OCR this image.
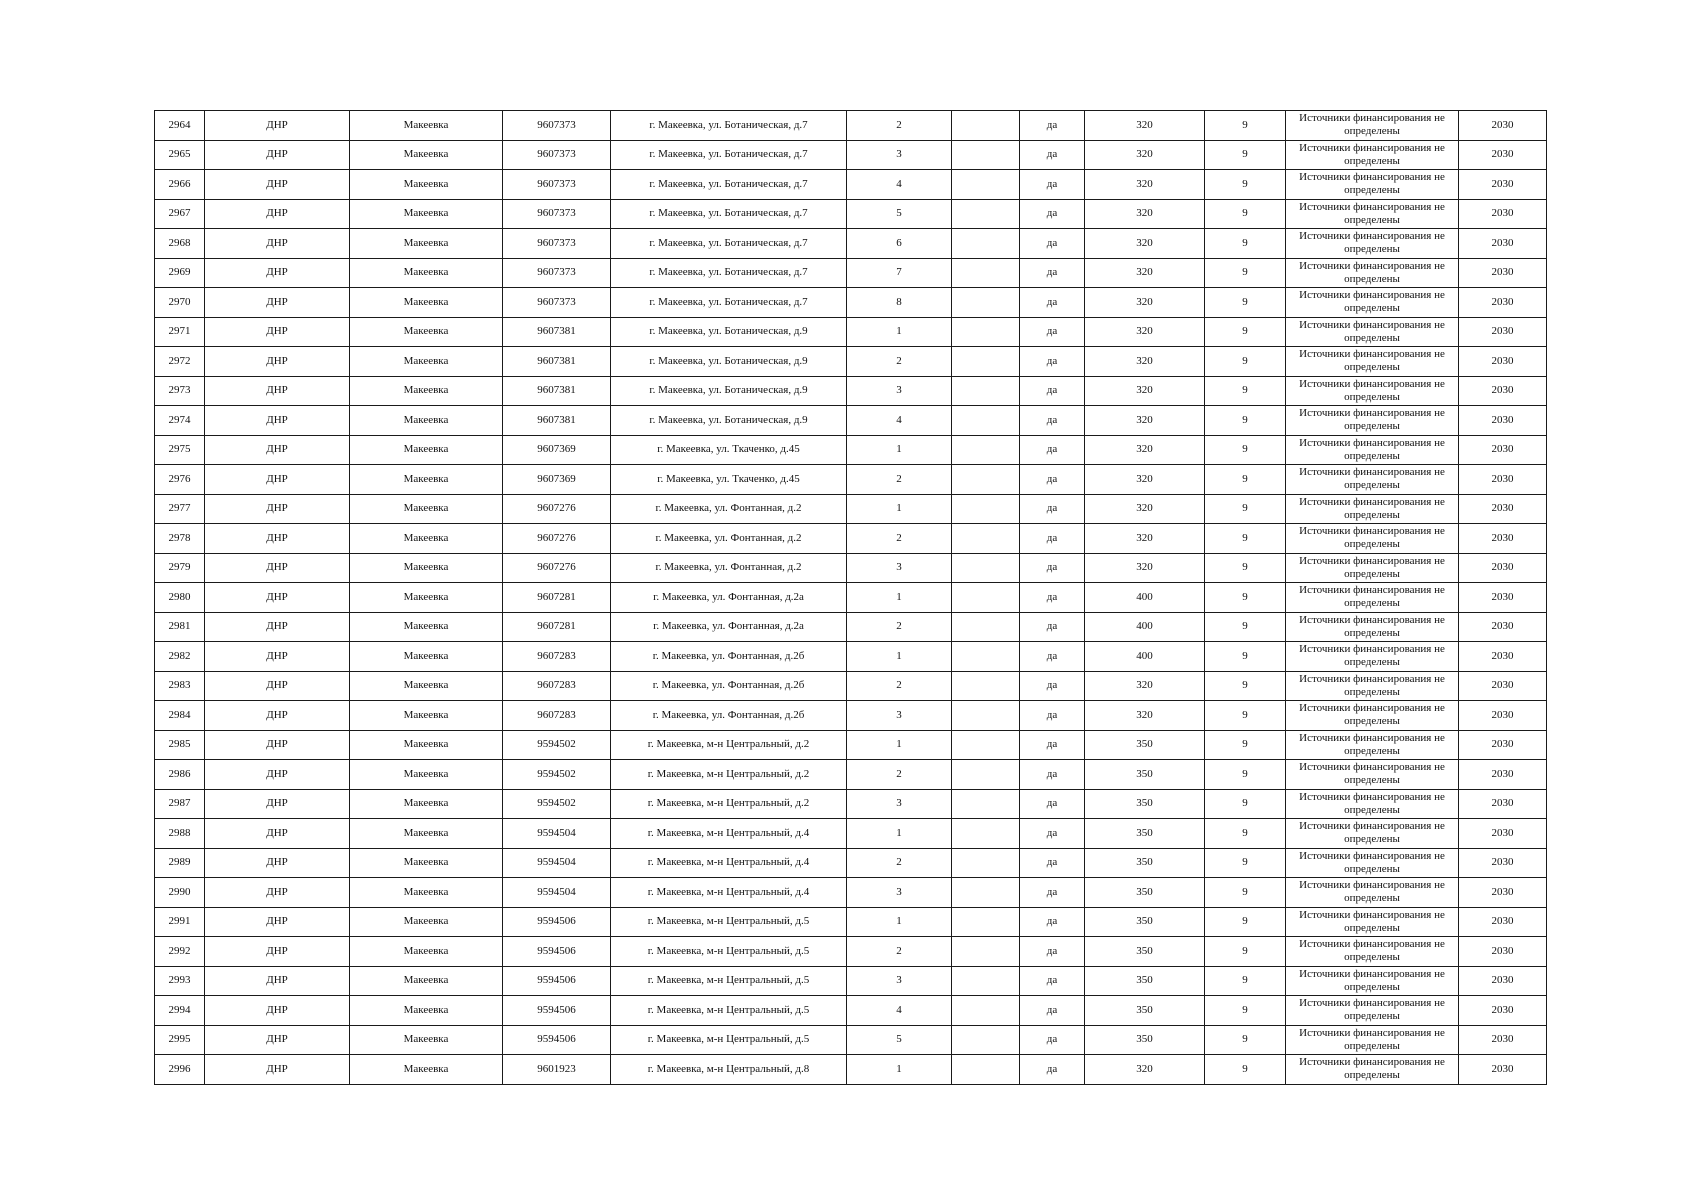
2964	ДНР	Макеевка	9607373	г. Макеевка, ул. Ботаническая, д.7	2		да	320	9	Источники финансирования не определены	2030
2965	ДНР	Макеевка	9607373	г. Макеевка, ул. Ботаническая, д.7	3		да	320	9	Источники финансирования не определены	2030
2966	ДНР	Макеевка	9607373	г. Макеевка, ул. Ботаническая, д.7	4		да	320	9	Источники финансирования не определены	2030
2967	ДНР	Макеевка	9607373	г. Макеевка, ул. Ботаническая, д.7	5		да	320	9	Источники финансирования не определены	2030
2968	ДНР	Макеевка	9607373	г. Макеевка, ул. Ботаническая, д.7	6		да	320	9	Источники финансирования не определены	2030
2969	ДНР	Макеевка	9607373	г. Макеевка, ул. Ботаническая, д.7	7		да	320	9	Источники финансирования не определены	2030
2970	ДНР	Макеевка	9607373	г. Макеевка, ул. Ботаническая, д.7	8		да	320	9	Источники финансирования не определены	2030
2971	ДНР	Макеевка	9607381	г. Макеевка, ул. Ботаническая, д.9	1		да	320	9	Источники финансирования не определены	2030
2972	ДНР	Макеевка	9607381	г. Макеевка, ул. Ботаническая, д.9	2		да	320	9	Источники финансирования не определены	2030
2973	ДНР	Макеевка	9607381	г. Макеевка, ул. Ботаническая, д.9	3		да	320	9	Источники финансирования не определены	2030
2974	ДНР	Макеевка	9607381	г. Макеевка, ул. Ботаническая, д.9	4		да	320	9	Источники финансирования не определены	2030
2975	ДНР	Макеевка	9607369	г. Макеевка, ул. Ткаченко, д.45	1		да	320	9	Источники финансирования не определены	2030
2976	ДНР	Макеевка	9607369	г. Макеевка, ул. Ткаченко, д.45	2		да	320	9	Источники финансирования не определены	2030
2977	ДНР	Макеевка	9607276	г. Макеевка, ул. Фонтанная, д.2	1		да	320	9	Источники финансирования не определены	2030
2978	ДНР	Макеевка	9607276	г. Макеевка, ул. Фонтанная, д.2	2		да	320	9	Источники финансирования не определены	2030
2979	ДНР	Макеевка	9607276	г. Макеевка, ул. Фонтанная, д.2	3		да	320	9	Источники финансирования не определены	2030
2980	ДНР	Макеевка	9607281	г. Макеевка, ул. Фонтанная, д.2а	1		да	400	9	Источники финансирования не определены	2030
2981	ДНР	Макеевка	9607281	г. Макеевка, ул. Фонтанная, д.2а	2		да	400	9	Источники финансирования не определены	2030
2982	ДНР	Макеевка	9607283	г. Макеевка, ул. Фонтанная, д.2б	1		да	400	9	Источники финансирования не определены	2030
2983	ДНР	Макеевка	9607283	г. Макеевка, ул. Фонтанная, д.2б	2		да	320	9	Источники финансирования не определены	2030
2984	ДНР	Макеевка	9607283	г. Макеевка, ул. Фонтанная, д.2б	3		да	320	9	Источники финансирования не определены	2030
2985	ДНР	Макеевка	9594502	г. Макеевка, м-н Центральный, д.2	1		да	350	9	Источники финансирования не определены	2030
2986	ДНР	Макеевка	9594502	г. Макеевка, м-н Центральный, д.2	2		да	350	9	Источники финансирования не определены	2030
2987	ДНР	Макеевка	9594502	г. Макеевка, м-н Центральный, д.2	3		да	350	9	Источники финансирования не определены	2030
2988	ДНР	Макеевка	9594504	г. Макеевка, м-н Центральный, д.4	1		да	350	9	Источники финансирования не определены	2030
2989	ДНР	Макеевка	9594504	г. Макеевка, м-н Центральный, д.4	2		да	350	9	Источники финансирования не определены	2030
2990	ДНР	Макеевка	9594504	г. Макеевка, м-н Центральный, д.4	3		да	350	9	Источники финансирования не определены	2030
2991	ДНР	Макеевка	9594506	г. Макеевка, м-н Центральный, д.5	1		да	350	9	Источники финансирования не определены	2030
2992	ДНР	Макеевка	9594506	г. Макеевка, м-н Центральный, д.5	2		да	350	9	Источники финансирования не определены	2030
2993	ДНР	Макеевка	9594506	г. Макеевка, м-н Центральный, д.5	3		да	350	9	Источники финансирования не определены	2030
2994	ДНР	Макеевка	9594506	г. Макеевка, м-н Центральный, д.5	4		да	350	9	Источники финансирования не определены	2030
2995	ДНР	Макеевка	9594506	г. Макеевка, м-н Центральный, д.5	5		да	350	9	Источники финансирования не определены	2030
2996	ДНР	Макеевка	9601923	г. Макеевка, м-н Центральный, д.8	1		да	320	9	Источники финансирования не определены	2030
